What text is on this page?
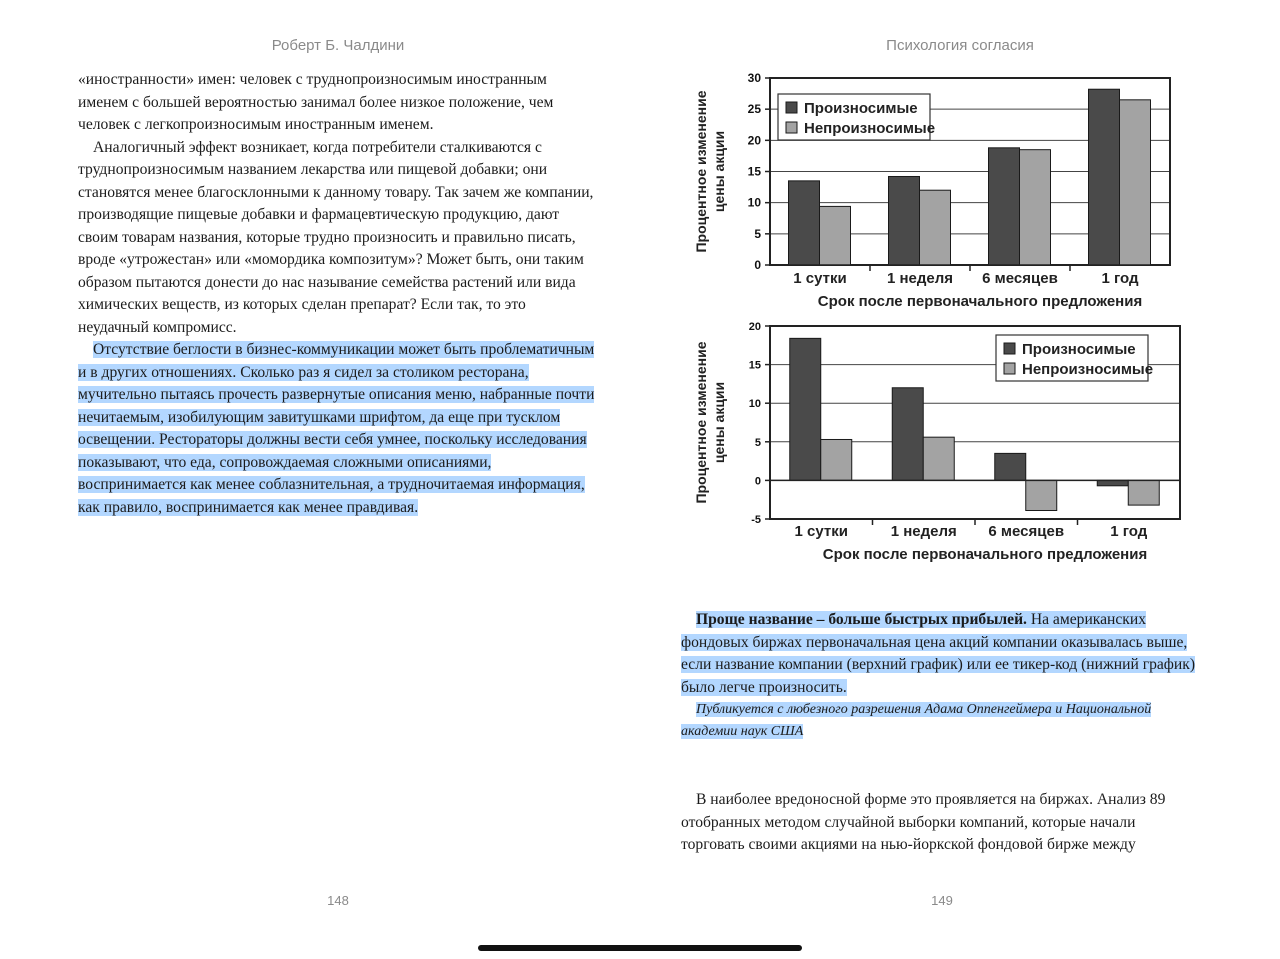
Роберт Б. Чалдини

«иностранности» имен: человек с труднопроизносимым иностранным именем с большей вероятностью занимал более низкое положение, чем человек с легкопроизносимым иностранным именем.

Аналогичный эффект возникает, когда потребители сталкиваются с труднопроизносимым названием лекарства или пищевой добавки; они становятся менее благосклонными к данному товару. Так зачем же компании, производящие пищевые добавки и фармацевтическую продукцию, дают своим товарам названия, которые трудно произносить и правильно писать, вроде «утрожестан» или «момордика композитум»? Может быть, они таким образом пытаются донести до нас называние семейства растений или вида химических веществ, из которых сделан препарат? Если так, то это неудачный компромисс.

Отсутствие беглости в бизнес-коммуникации может быть проблематичным и в других отношениях. Сколько раз я сидел за столиком ресторана, мучительно пытаясь прочесть развернутые описания меню, набранные почти нечитаемым, изобилующим завитушками шрифтом, да еще при тусклом освещении. Рестораторы должны вести себя умнее, поскольку исследования показывают, что еда, сопровождаемая сложными описаниями, воспринимается как менее соблазнительная, а трудночитаемая информация, как правило, воспринимается как менее правдивая.

148
Психология согласия
0
5
10
15
20
25
30
1 сутки	1 неделя 6 месяцев	1 год
Срок после первоначального предложения
Процентное изменение цены акции
Произносимые
Непроизносимые
-5
0
5
10
15
20
1 сутки	1 неделя 6 месяцев	1 год
Срок после первоначального предложения
Процентное изменение цены акции
Произносимые
Непроизносимые
Проще название – больше быстрых прибылей. На американских фондовых биржах первоначальная цена акций компании оказывалась выше, если название компании (верхний график) или ее тикер-код (нижний график) было легче произносить.
Публикуется с любезного разрешения Адама Оппенгеймера и Национальной академии наук США

В наиболее вредоносной форме это проявляется на биржах. Анализ 89 отобранных методом случайной выборки компаний, которые начали торговать своими акциями на нью-йоркской фондовой бирже между

149
